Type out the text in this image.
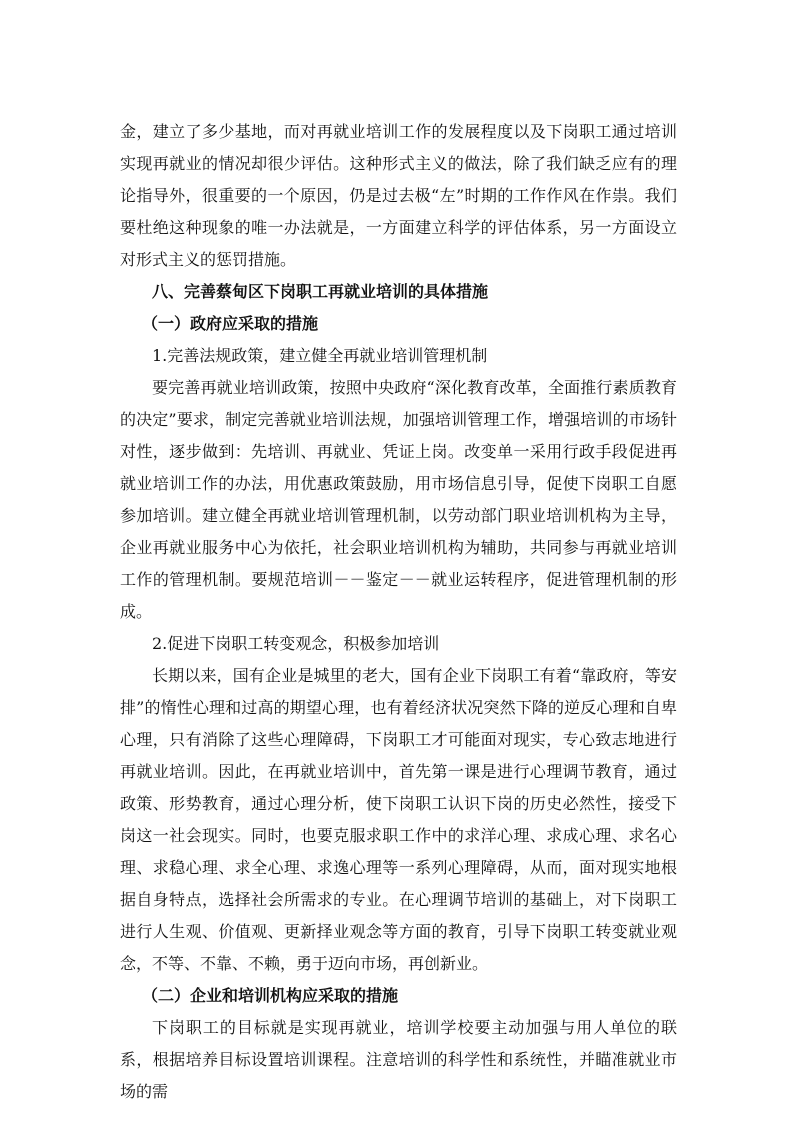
金，建立了多少基地，而对再就业培训工作的发展程度以及下岗职工通过培训实现再就业的情况却很少评估。这种形式主义的做法，除了我们缺乏应有的理论指导外，很重要的一个原因，仍是过去极“左”时期的工作作风在作祟。我们要杜绝这种现象的唯一办法就是，一方面建立科学的评估体系，另一方面设立对形式主义的惩罚措施。

八、完善蔡甸区下岗职工再就业培训的具体措施

（一）政府应采取的措施

1.完善法规政策，建立健全再就业培训管理机制

要完善再就业培训政策，按照中央政府“深化教育改革，全面推行素质教育的决定”要求，制定完善就业培训法规，加强培训管理工作，增强培训的市场针对性，逐步做到：先培训、再就业、凭证上岗。改变单一采用行政手段促进再就业培训工作的办法，用优惠政策鼓励，用市场信息引导，促使下岗职工自愿参加培训。建立健全再就业培训管理机制，以劳动部门职业培训机构为主导，企业再就业服务中心为依托，社会职业培训机构为辅助，共同参与再就业培训工作的管理机制。要规范培训－－鉴定－－就业运转程序，促进管理机制的形成。

2.促进下岗职工转变观念，积极参加培训

长期以来，国有企业是城里的老大，国有企业下岗职工有着“靠政府，等安排”的惰性心理和过高的期望心理，也有着经济状况突然下降的逆反心理和自卑心理，只有消除了这些心理障碍，下岗职工才可能面对现实，专心致志地进行再就业培训。因此，在再就业培训中，首先第一课是进行心理调节教育，通过政策、形势教育，通过心理分析，使下岗职工认识下岗的历史必然性，接受下岗这一社会现实。同时，也要克服求职工作中的求洋心理、求成心理、求名心理、求稳心理、求全心理、求逸心理等一系列心理障碍，从而，面对现实地根据自身特点，选择社会所需求的专业。在心理调节培训的基础上，对下岗职工进行人生观、价值观、更新择业观念等方面的教育，引导下岗职工转变就业观念，不等、不靠、不赖，勇于迈向市场，再创新业。

（二）企业和培训机构应采取的措施

下岗职工的目标就是实现再就业，培训学校要主动加强与用人单位的联系，根据培养目标设置培训课程。注意培训的科学性和系统性，并瞄准就业市场的需
